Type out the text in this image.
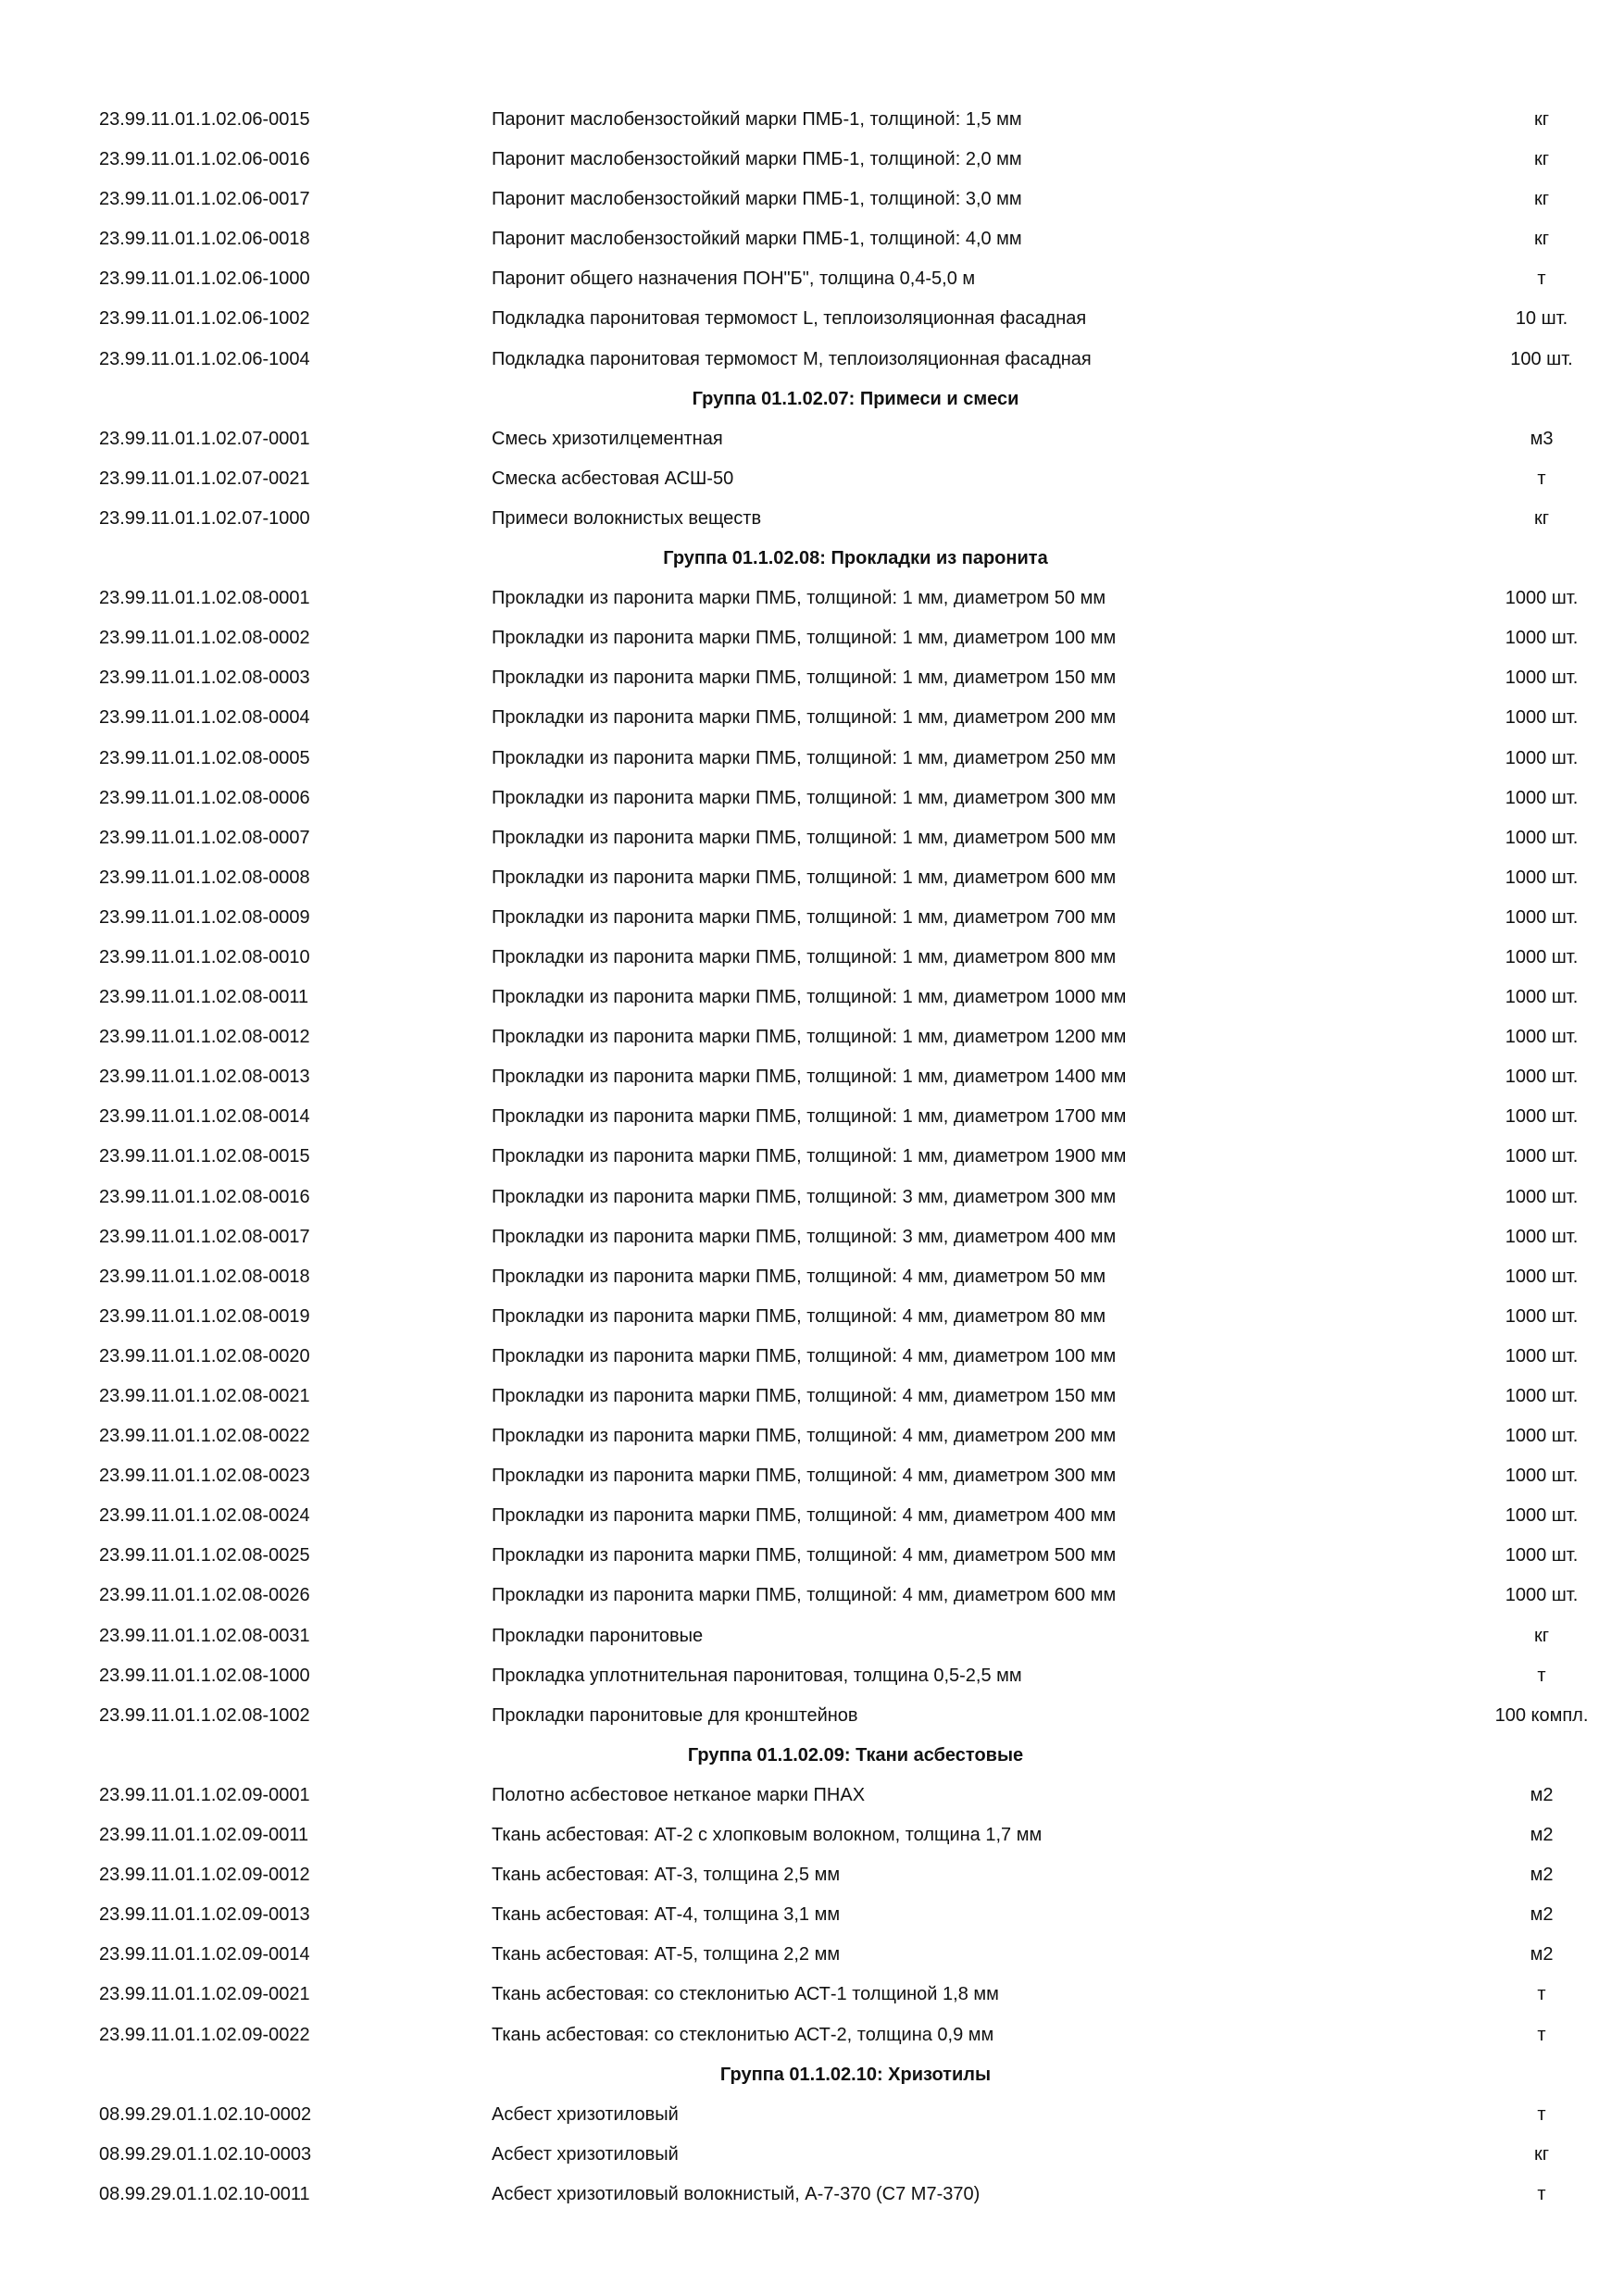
23.99.11.01.1.02.06-0015	Паронит маслобензостойкий марки ПМБ-1, толщиной: 1,5 мм	кг
23.99.11.01.1.02.06-0016	Паронит маслобензостойкий марки ПМБ-1, толщиной: 2,0 мм	кг
23.99.11.01.1.02.06-0017	Паронит маслобензостойкий марки ПМБ-1, толщиной: 3,0 мм	кг
23.99.11.01.1.02.06-0018	Паронит маслобензостойкий марки ПМБ-1, толщиной: 4,0 мм	кг
23.99.11.01.1.02.06-1000	Паронит общего назначения ПОН"Б", толщина 0,4-5,0 м	т
23.99.11.01.1.02.06-1002	Подкладка паронитовая термомост L, теплоизоляционная фасадная	10 шт.
23.99.11.01.1.02.06-1004	Подкладка паронитовая термомост М, теплоизоляционная фасадная	100 шт.
Группа 01.1.02.07: Примеси и смеси
23.99.11.01.1.02.07-0001	Смесь хризотилцементная	м3
23.99.11.01.1.02.07-0021	Смеска асбестовая АСШ-50	т
23.99.11.01.1.02.07-1000	Примеси волокнистых веществ	кг
Группа 01.1.02.08: Прокладки из паронита
23.99.11.01.1.02.08-0001	Прокладки из паронита марки ПМБ, толщиной: 1 мм, диаметром 50 мм	1000 шт.
23.99.11.01.1.02.08-0002	Прокладки из паронита марки ПМБ, толщиной: 1 мм, диаметром 100 мм	1000 шт.
23.99.11.01.1.02.08-0003	Прокладки из паронита марки ПМБ, толщиной: 1 мм, диаметром 150 мм	1000 шт.
23.99.11.01.1.02.08-0004	Прокладки из паронита марки ПМБ, толщиной: 1 мм, диаметром 200 мм	1000 шт.
23.99.11.01.1.02.08-0005	Прокладки из паронита марки ПМБ, толщиной: 1 мм, диаметром 250 мм	1000 шт.
23.99.11.01.1.02.08-0006	Прокладки из паронита марки ПМБ, толщиной: 1 мм, диаметром 300 мм	1000 шт.
23.99.11.01.1.02.08-0007	Прокладки из паронита марки ПМБ, толщиной: 1 мм, диаметром 500 мм	1000 шт.
23.99.11.01.1.02.08-0008	Прокладки из паронита марки ПМБ, толщиной: 1 мм, диаметром 600 мм	1000 шт.
23.99.11.01.1.02.08-0009	Прокладки из паронита марки ПМБ, толщиной: 1 мм, диаметром 700 мм	1000 шт.
23.99.11.01.1.02.08-0010	Прокладки из паронита марки ПМБ, толщиной: 1 мм, диаметром 800 мм	1000 шт.
23.99.11.01.1.02.08-0011	Прокладки из паронита марки ПМБ, толщиной: 1 мм, диаметром 1000 мм	1000 шт.
23.99.11.01.1.02.08-0012	Прокладки из паронита марки ПМБ, толщиной: 1 мм, диаметром 1200 мм	1000 шт.
23.99.11.01.1.02.08-0013	Прокладки из паронита марки ПМБ, толщиной: 1 мм, диаметром 1400 мм	1000 шт.
23.99.11.01.1.02.08-0014	Прокладки из паронита марки ПМБ, толщиной: 1 мм, диаметром 1700 мм	1000 шт.
23.99.11.01.1.02.08-0015	Прокладки из паронита марки ПМБ, толщиной: 1 мм, диаметром 1900 мм	1000 шт.
23.99.11.01.1.02.08-0016	Прокладки из паронита марки ПМБ, толщиной: 3 мм, диаметром 300 мм	1000 шт.
23.99.11.01.1.02.08-0017	Прокладки из паронита марки ПМБ, толщиной: 3 мм, диаметром 400 мм	1000 шт.
23.99.11.01.1.02.08-0018	Прокладки из паронита марки ПМБ, толщиной: 4 мм, диаметром 50 мм	1000 шт.
23.99.11.01.1.02.08-0019	Прокладки из паронита марки ПМБ, толщиной: 4 мм, диаметром 80 мм	1000 шт.
23.99.11.01.1.02.08-0020	Прокладки из паронита марки ПМБ, толщиной: 4 мм, диаметром 100 мм	1000 шт.
23.99.11.01.1.02.08-0021	Прокладки из паронита марки ПМБ, толщиной: 4 мм, диаметром 150 мм	1000 шт.
23.99.11.01.1.02.08-0022	Прокладки из паронита марки ПМБ, толщиной: 4 мм, диаметром 200 мм	1000 шт.
23.99.11.01.1.02.08-0023	Прокладки из паронита марки ПМБ, толщиной: 4 мм, диаметром 300 мм	1000 шт.
23.99.11.01.1.02.08-0024	Прокладки из паронита марки ПМБ, толщиной: 4 мм, диаметром 400 мм	1000 шт.
23.99.11.01.1.02.08-0025	Прокладки из паронита марки ПМБ, толщиной: 4 мм, диаметром 500 мм	1000 шт.
23.99.11.01.1.02.08-0026	Прокладки из паронита марки ПМБ, толщиной: 4 мм, диаметром 600 мм	1000 шт.
23.99.11.01.1.02.08-0031	Прокладки паронитовые	кг
23.99.11.01.1.02.08-1000	Прокладка уплотнительная паронитовая, толщина 0,5-2,5 мм	т
23.99.11.01.1.02.08-1002	Прокладки паронитовые для кронштейнов	100 компл.
Группа 01.1.02.09: Ткани асбестовые
23.99.11.01.1.02.09-0001	Полотно асбестовое нетканое марки ПНАХ	м2
23.99.11.01.1.02.09-0011	Ткань асбестовая: АТ-2 с хлопковым волокном, толщина 1,7 мм	м2
23.99.11.01.1.02.09-0012	Ткань асбестовая: АТ-3, толщина 2,5 мм	м2
23.99.11.01.1.02.09-0013	Ткань асбестовая: АТ-4, толщина 3,1 мм	м2
23.99.11.01.1.02.09-0014	Ткань асбестовая: АТ-5, толщина 2,2 мм	м2
23.99.11.01.1.02.09-0021	Ткань асбестовая: со стеклонитью АСТ-1 толщиной 1,8 мм	т
23.99.11.01.1.02.09-0022	Ткань асбестовая: со стеклонитью АСТ-2, толщина 0,9 мм	т
Группа 01.1.02.10: Хризотилы
08.99.29.01.1.02.10-0002	Асбест хризотиловый	т
08.99.29.01.1.02.10-0003	Асбест хризотиловый	кг
08.99.29.01.1.02.10-0011	Асбест хризотиловый волокнистый, А-7-370 (С7 М7-370)	т
